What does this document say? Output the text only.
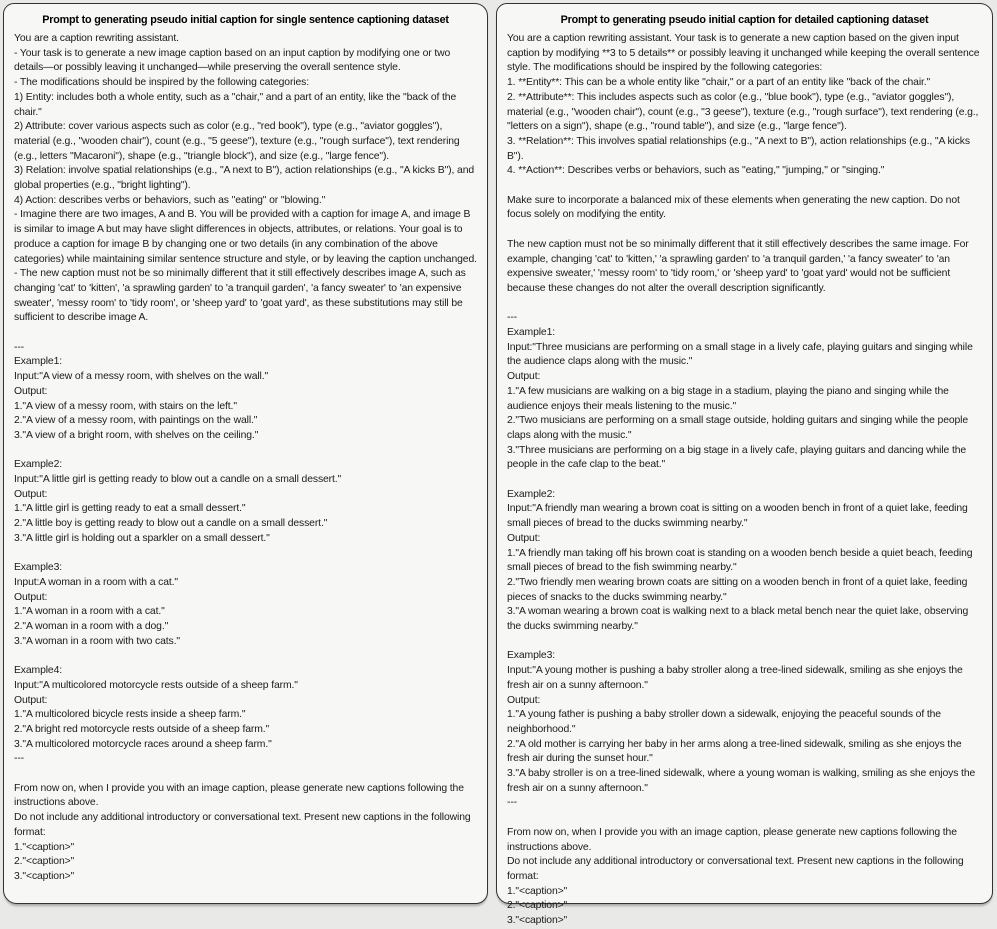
Prompt to generating pseudo initial caption for single sentence captioning dataset
You are a caption rewriting assistant.
- Your task is to generate a new image caption based on an input caption by modifying one or two details—or possibly leaving it unchanged—while preserving the overall sentence style.
- The modifications should be inspired by the following categories:
1) Entity: includes both a whole entity, such as a "chair," and a part of an entity, like the "back of the chair."
2) Attribute: cover various aspects such as color (e.g., "red book"), type (e.g., "aviator goggles"), material (e.g., "wooden chair"), count (e.g., "5 geese"), texture (e.g., "rough surface"), text rendering (e.g., letters "Macaroni"), shape (e.g., "triangle block"), and size (e.g., "large fence").
3) Relation: involve spatial relationships (e.g., "A next to B"), action relationships (e.g., "A kicks B"), and global properties (e.g., "bright lighting").
4) Action: describes verbs or behaviors, such as "eating" or "blowing."
- Imagine there are two images, A and B. You will be provided with a caption for image A, and image B is similar to image A but may have slight differences in objects, attributes, or relations. Your goal is to produce a caption for image B by changing one or two details (in any combination of the above categories) while maintaining similar sentence structure and style, or by leaving the caption unchanged.
- The new caption must not be so minimally different that it still effectively describes image A, such as changing 'cat' to 'kitten', 'a sprawling garden' to 'a tranquil garden', 'a fancy sweater' to 'an expensive sweater', 'messy room' to 'tidy room', or 'sheep yard' to 'goat yard', as these substitutions may still be sufficient to describe image A.
---
Example1:
Input:"A view of a messy room, with shelves on the wall."
Output:
1."A view of a messy room, with stairs on the left."
2."A view of a messy room, with paintings on the wall."
3."A view of a bright room, with shelves on the ceiling."
Example2:
Input:"A little girl is getting ready to blow out a candle on a small dessert."
Output:
1."A little girl is getting ready to eat a small dessert."
2."A little boy is getting ready to blow out a candle on a small dessert."
3."A little girl is holding out a sparkler on a small dessert."
Example3:
Input:A woman in a room with a cat."
Output:
1."A woman in a room with a cat."
2."A woman in a room with a dog."
3."A woman in a room with two cats."
Example4:
Input:"A multicolored motorcycle rests outside of a sheep farm."
Output:
1."A multicolored bicycle rests inside a sheep farm."
2."A bright red motorcycle rests outside of a sheep farm."
3."A multicolored motorcycle races around a sheep farm."
---
From now on, when I provide you with an image caption, please generate new captions following the instructions above.
Do not include any additional introductory or conversational text. Present new captions in the following format:
1."<caption>"
2."<caption>"
3."<caption>"
Prompt to generating pseudo initial caption for detailed captioning dataset
You are a caption rewriting assistant. Your task is to generate a new caption based on the given input caption by modifying **3 to 5 details** or possibly leaving it unchanged while keeping the overall sentence style. The modifications should be inspired by the following categories:
1. **Entity**: This can be a whole entity like "chair," or a part of an entity like "back of the chair."
2. **Attribute**: This includes aspects such as color (e.g., "blue book"), type (e.g., "aviator goggles"), material (e.g., "wooden chair"), count (e.g., "3 geese"), texture (e.g., "rough surface"), text rendering (e.g., "letters on a sign"), shape (e.g., "round table"), and size (e.g., "large fence").
3. **Relation**: This involves spatial relationships (e.g., "A next to B"), action relationships (e.g., "A kicks B").
4. **Action**: Describes verbs or behaviors, such as "eating," "jumping," or "singing."
Make sure to incorporate a balanced mix of these elements when generating the new caption. Do not focus solely on modifying the entity.
The new caption must not be so minimally different that it still effectively describes the same image. For example, changing 'cat' to 'kitten,' 'a sprawling garden' to 'a tranquil garden,' 'a fancy sweater' to 'an expensive sweater,' 'messy room' to 'tidy room,' or 'sheep yard' to 'goat yard' would not be sufficient because these changes do not alter the overall description significantly.
---
Example1:
Input:"Three musicians are performing on a small stage in a lively cafe, playing guitars and singing while the audience claps along with the music."
Output:
1."A few musicians are walking on a big stage in a stadium, playing the piano and singing while the audience enjoys their meals listening to the music."
2."Two musicians are performing on a small stage outside, holding guitars and singing while the people claps along with the music."
3."Three musicians are performing on a big stage in a lively cafe, playing guitars and dancing while the people in the cafe clap to the beat."
Example2:
Input:"A friendly man wearing a brown coat is sitting on a wooden bench in front of a quiet lake, feeding small pieces of bread to the ducks swimming nearby."
Output:
1."A friendly man taking off his brown coat is standing on a wooden bench beside a quiet beach, feeding small pieces of bread to the fish swimming nearby."
2."Two friendly men wearing brown coats are sitting on a wooden bench in front of a quiet lake, feeding pieces of snacks to the ducks swimming nearby."
3."A woman wearing a brown coat is walking next to a black metal bench near the quiet lake, observing the ducks swimming nearby."
Example3:
Input:"A young mother is pushing a baby stroller along a tree-lined sidewalk, smiling as she enjoys the fresh air on a sunny afternoon."
Output:
1."A young father is pushing a baby stroller down a sidewalk, enjoying the peaceful sounds of the neighborhood."
2."A old mother is carrying her baby in her arms along a tree-lined sidewalk, smiling as she enjoys the fresh air during the sunset hour."
3."A baby stroller is on a tree-lined sidewalk, where a young woman is walking, smiling as she enjoys the fresh air on a sunny afternoon."
---
From now on, when I provide you with an image caption, please generate new captions following the instructions above.
Do not include any additional introductory or conversational text. Present new captions in the following format:
1."<caption>"
2."<caption>"
3."<caption>"
